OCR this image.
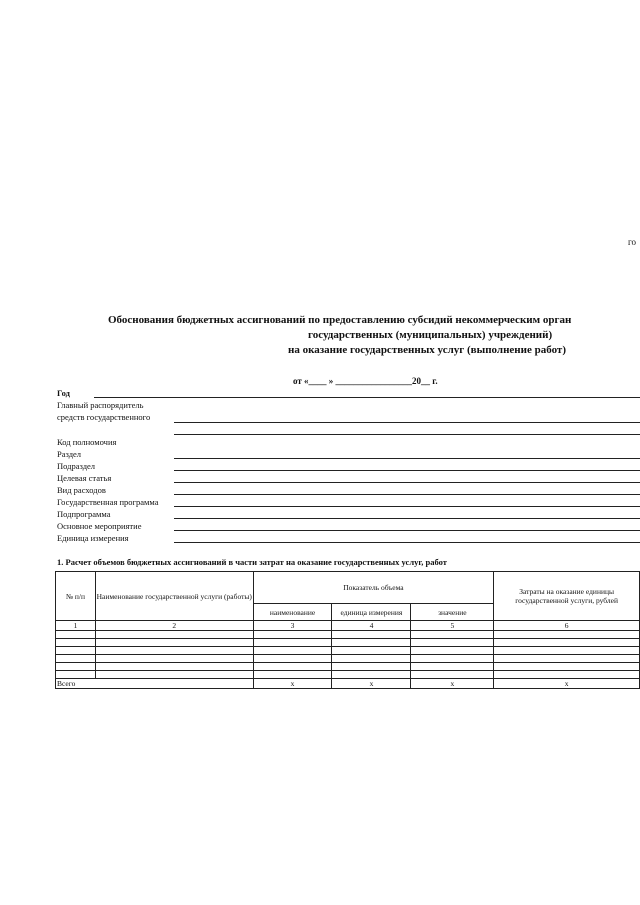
го
Обоснования бюджетных ассигнований по предоставлению субсидий некоммерческим орган
государственных (муниципальных) учреждений)
на оказание государственных услуг (выполнение работ)
от «____ » _________________20__ г.
Год
Главный распорядитель
средств государственного
Код полномочия
Раздел
Подраздел
Целевая статья
Вид расходов
Государственная программа
Подпрограмма
Основное мероприятие
Единица измерения
1. Расчет объемов бюджетных ассигнований в части затрат на оказание государственных услуг, работ
№ п/п	Наименование государственной услуги (работы)	Показатель объема			Затраты на оказание единицы государственной услуги, рублей
		наименование	единица измерения	значение	
1	2	3	4	5	6

Всего		x	x	x	x
